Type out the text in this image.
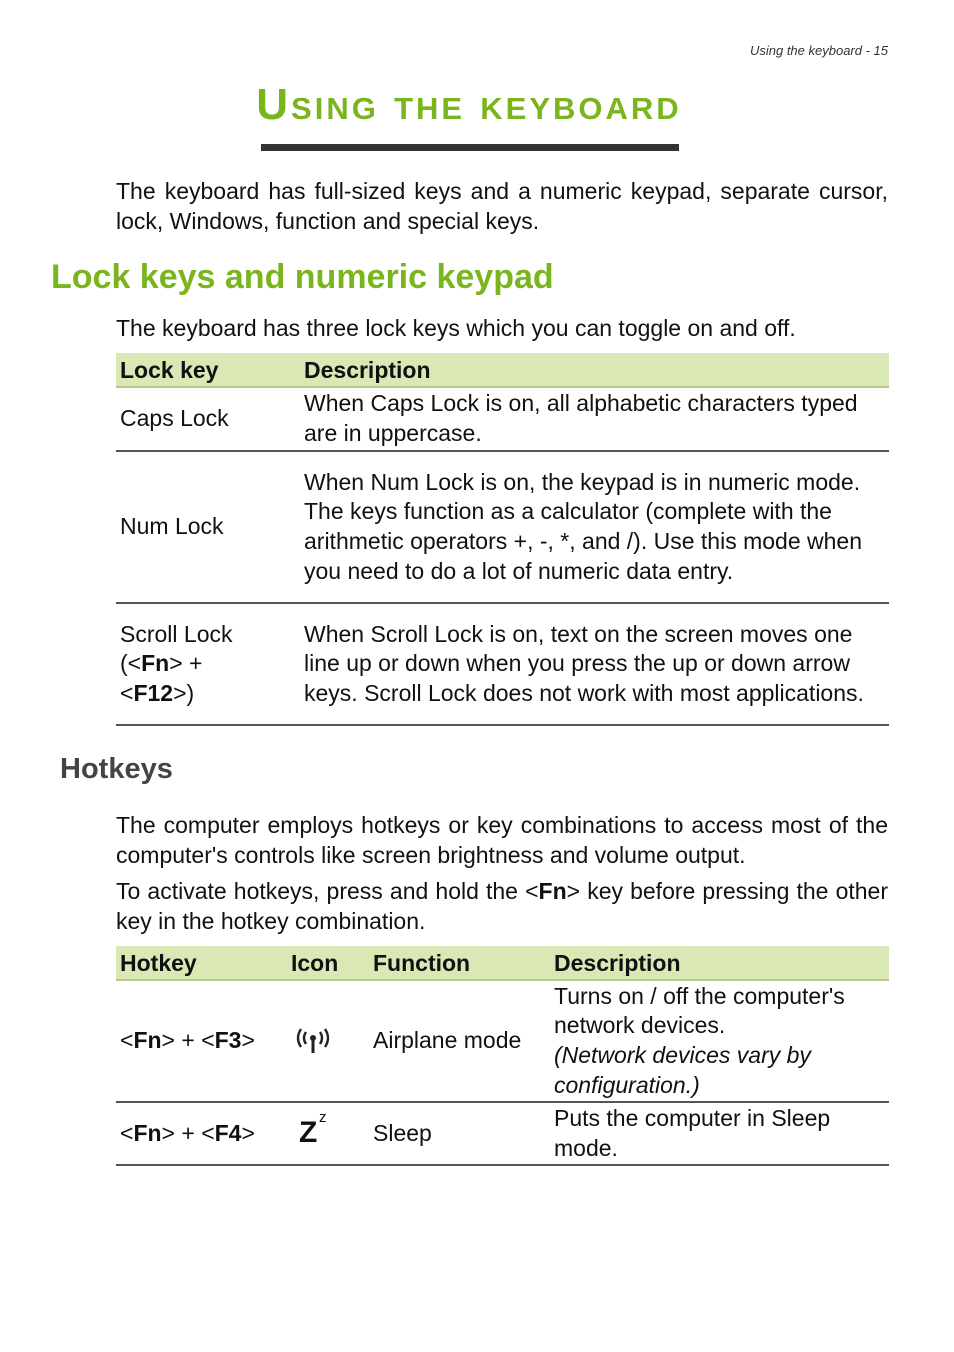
Using the keyboard - 15
Using the keyboard

The keyboard has full-sized keys and a numeric keypad, separate cursor, lock, Windows, function and special keys.

Lock keys and numeric keypad

The keyboard has three lock keys which you can toggle on and off.

Lock key	Description
Caps Lock	When Caps Lock is on, all alphabetic characters typed are in uppercase.
Num Lock	When Num Lock is on, the keypad is in numeric mode. The keys function as a calculator (complete with the arithmetic operators +, -, *, and /). Use this mode when you need to do a lot of numeric data entry.
Scroll Lock
(<Fn> +
<F12>)	When Scroll Lock is on, text on the screen moves one line up or down when you press the up or down arrow keys. Scroll Lock does not work with most applications.
Hotkeys

The computer employs hotkeys or key combinations to access most of the computer's controls like screen brightness and volume output.

To activate hotkeys, press and hold the <Fn> key before pressing the other key in the hotkey combination.

Hotkey	Icon	Function	Description
<Fn> + <F3>		Airplane mode	Turns on / off the computer's network devices.
(Network devices vary by configuration.)
<Fn> + <F4>	Z z	Sleep	Puts the computer in Sleep mode.
